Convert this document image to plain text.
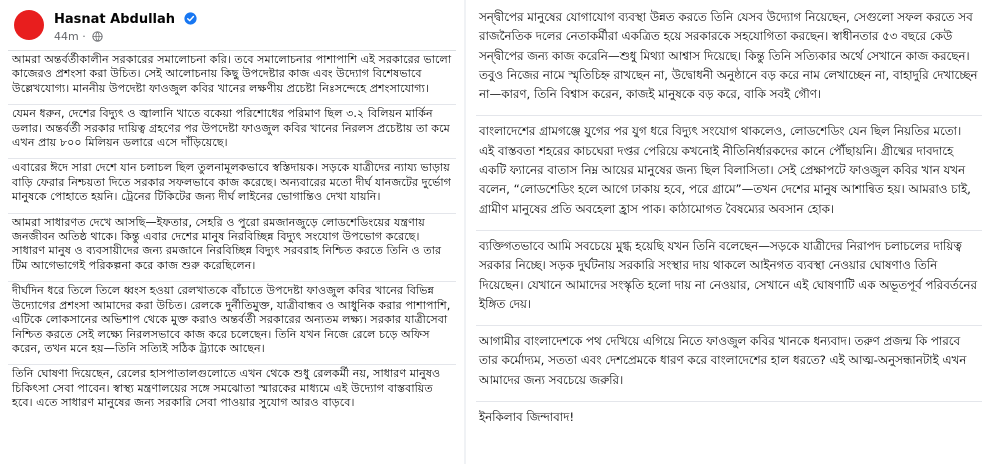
Hasnat Abdullah
44m ·

আমরা অন্তর্বর্তীকালীন সরকারের সমালোচনা করি। তবে সমালোচনার পাশাপাশি এই সরকারের ভালো কাজেরও প্রশংসা করা উচিত। সেই আলোচনায় কিছু উপদেষ্টার কাজ এবং উদ্যোগ বিশেষভাবে উল্লেখযোগ্য। মাননীয় উপদেষ্টা ফাওজুল কবির খানের লক্ষণীয় প্রচেষ্টা নিঃসন্দেহে প্রশংসাযোগ্য।

যেমন ধরুন, দেশের বিদ্যুৎ ও জ্বালানি খাতে বকেয়া পরিশোধের পরিমাণ ছিল ৩.২ বিলিয়ন মার্কিন ডলার। অন্তর্বর্তী সরকার দায়িত্ব গ্রহণের পর উপদেষ্টা ফাওজুল কবির খানের নিরলস প্রচেষ্টায় তা কমে এখন প্রায় ৮০০ মিলিয়ন ডলারে এসে দাঁড়িয়েছে।

এবারের ঈদে সারা দেশে যান চলাচল ছিল তুলনামূলকভাবে স্বস্তিদায়ক। সড়কে যাত্রীদের ন্যায্য ভাড়ায় বাড়ি ফেরার নিশ্চয়তা দিতে সরকার সফলভাবে কাজ করেছে। অন্যবারের মতো দীর্ঘ যানজটের দুর্ভোগ মানুষকে পোহাতে হয়নি। ট্রেনের টিকিটের জন্য দীর্ঘ লাইনের ভোগান্তিও দেখা যায়নি।

আমরা সাধারণত দেখে আসছি—ইফতার, সেহরি ও পুরো রমজানজুড়ে লোডশেডিংয়ের যন্ত্রণায় জনজীবন অতিষ্ঠ থাকে। কিন্তু এবার দেশের মানুষ নিরবিচ্ছিন্ন বিদ্যুৎ সংযোগ উপভোগ করেছে। সাধারণ মানুষ ও ব্যবসায়ীদের জন্য রমজানে নিরবিচ্ছিন্ন বিদ্যুৎ সরবরাহ নিশ্চিত করতে তিনি ও তার টিম আগেভাগেই পরিকল্পনা করে কাজ শুরু করেছিলেন।

দীর্ঘদিন ধরে তিলে তিলে ধ্বংস হওয়া রেলখাতকে বাঁচাতে উপদেষ্টা ফাওজুল কবির খানের বিভিন্ন উদ্যোগের প্রশংসা আমাদের করা উচিত। রেলকে দুর্নীতিমুক্ত, যাত্রীবান্ধব ও আধুনিক করার পাশাপাশি, এটিকে লোকসানের অভিশাপ থেকে মুক্ত করাও অন্তর্বর্তী সরকারের অন্যতম লক্ষ্য। সরকার যাত্রীসেবা নিশ্চিত করতে সেই লক্ষ্যে নিরলসভাবে কাজ করে চলেছেন। তিনি যখন নিজে রেলে চড়ে অফিস করেন, তখন মনে হয়—তিনি সত্যিই সঠিক ট্র্যাকে আছেন।

তিনি ঘোষণা দিয়েছেন, রেলের হাসপাতালগুলোতে এখন থেকে শুধু রেলকর্মী নয়, সাধারণ মানুষও চিকিৎসা সেবা পাবেন। স্বাস্থ্য মন্ত্রণালয়ের সঙ্গে সমঝোতা স্মারকের মাধ্যমে এই উদ্যোগ বাস্তবায়িত হবে। এতে সাধারণ মানুষের জন্য সরকারি সেবা পাওয়ার সুযোগ আরও বাড়বে।

সন্দ্বীপের মানুষের যোগাযোগ ব্যবস্থা উন্নত করতে তিনি যেসব উদ্যোগ নিয়েছেন, সেগুলো সফল করতে সব রাজনৈতিক দলের নেতাকর্মীরা একত্রিত হয়ে সরকারকে সহযোগিতা করছেন। স্বাধীনতার ৫৩ বছরে কেউ সন্দ্বীপের জন্য কাজ করেনি—শুধু মিথ্যা আশ্বাস দিয়েছে। কিন্তু তিনি সত্যিকার অর্থে সেখানে কাজ করছেন। তবুও নিজের নামে স্মৃতিচিহ্ন রাখছেন না, উদ্বোধনী অনুষ্ঠানে বড় করে নাম লেখাচ্ছেন না, বাহাদুরি দেখাচ্ছেন না—কারণ, তিনি বিশ্বাস করেন, কাজই মানুষকে বড় করে, বাকি সবই গৌণ।

বাংলাদেশের গ্রামগঞ্জে যুগের পর যুগ ধরে বিদ্যুৎ সংযোগ থাকলেও, লোডশেডিং যেন ছিল নিয়তির মতো। এই বাস্তবতা শহরের কাচঘেরা দপ্তর পেরিয়ে কখনোই নীতিনির্ধারকদের কানে পৌঁছায়নি। গ্রীষ্মের দাবদাহে একটি ফ্যানের বাতাস নিম্ন আয়ের মানুষের জন্য ছিল বিলাসিতা। সেই প্রেক্ষাপটে ফাওজুল কবির খান যখন বলেন, “লোডশেডিং হলে আগে ঢাকায় হবে, পরে গ্রামে”—তখন দেশের মানুষ আশান্বিত হয়। আমরাও চাই, গ্রামীণ মানুষের প্রতি অবহেলা হ্রাস পাক। কাঠামোগত বৈষম্যের অবসান হোক।

ব্যক্তিগতভাবে আমি সবচেয়ে মুগ্ধ হয়েছি যখন তিনি বলেছেন—সড়কে যাত্রীদের নিরাপদ চলাচলের দায়িত্ব সরকার নিচ্ছে। সড়ক দুর্ঘটনায় সরকারি সংস্থার দায় থাকলে আইনগত ব্যবস্থা নেওয়ার ঘোষণাও তিনি দিয়েছেন। যেখানে আমাদের সংস্কৃতি হলো দায় না নেওয়ার, সেখানে এই ঘোষণাটি এক অভূতপূর্ব পরিবর্তনের ইঙ্গিত দেয়।

আগামীর বাংলাদেশকে পথ দেখিয়ে এগিয়ে নিতে ফাওজুল কবির খানকে ধন্যবাদ। তরুণ প্রজন্ম কি পারবে তার কর্মোদ্যম, সততা এবং দেশপ্রেমকে ধারণ করে বাংলাদেশের হাল ধরতে? এই আত্ম-অনুসন্ধানটাই এখন আমাদের জন্য সবচেয়ে জরুরি।

ইনকিলাব জিন্দাবাদ!
